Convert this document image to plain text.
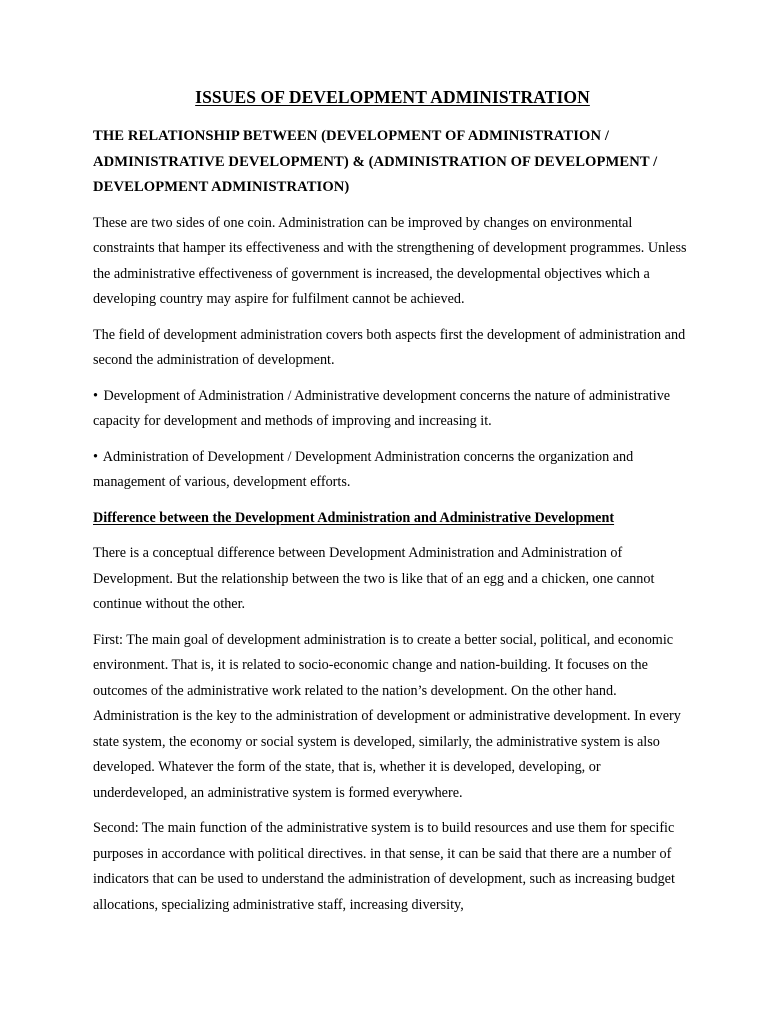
ISSUES OF DEVELOPMENT ADMINISTRATION
THE RELATIONSHIP BETWEEN (DEVELOPMENT OF ADMINISTRATION / ADMINISTRATIVE DEVELOPMENT) & (ADMINISTRATION OF DEVELOPMENT / DEVELOPMENT ADMINISTRATION)

These are two sides of one coin. Administration can be improved by changes on environmental constraints that hamper its effectiveness and with the strengthening of development programmes. Unless the administrative effectiveness of government is increased, the developmental objectives which a developing country may aspire for fulfilment cannot be achieved.

The field of development administration covers both aspects first the development of administration and second the administration of development.

• Development of Administration / Administrative development concerns the nature of administrative capacity for development and methods of improving and increasing it.

• Administration of Development / Development Administration concerns the organization and management of various, development efforts.

Difference between the Development Administration and Administrative Development

There is a conceptual difference between Development Administration and Administration of Development. But the relationship between the two is like that of an egg and a chicken, one cannot continue without the other.

First: The main goal of development administration is to create a better social, political, and economic environment. That is, it is related to socio-economic change and nation-building. It focuses on the outcomes of the administrative work related to the nation’s development. On the other hand. Administration is the key to the administration of development or administrative development. In every state system, the economy or social system is developed, similarly, the administrative system is also developed. Whatever the form of the state, that is, whether it is developed, developing, or underdeveloped, an administrative system is formed everywhere.

Second: The main function of the administrative system is to build resources and use them for specific purposes in accordance with political directives. in that sense, it can be said that there are a number of indicators that can be used to understand the administration of development, such as increasing budget allocations, specializing administrative staff, increasing diversity,
